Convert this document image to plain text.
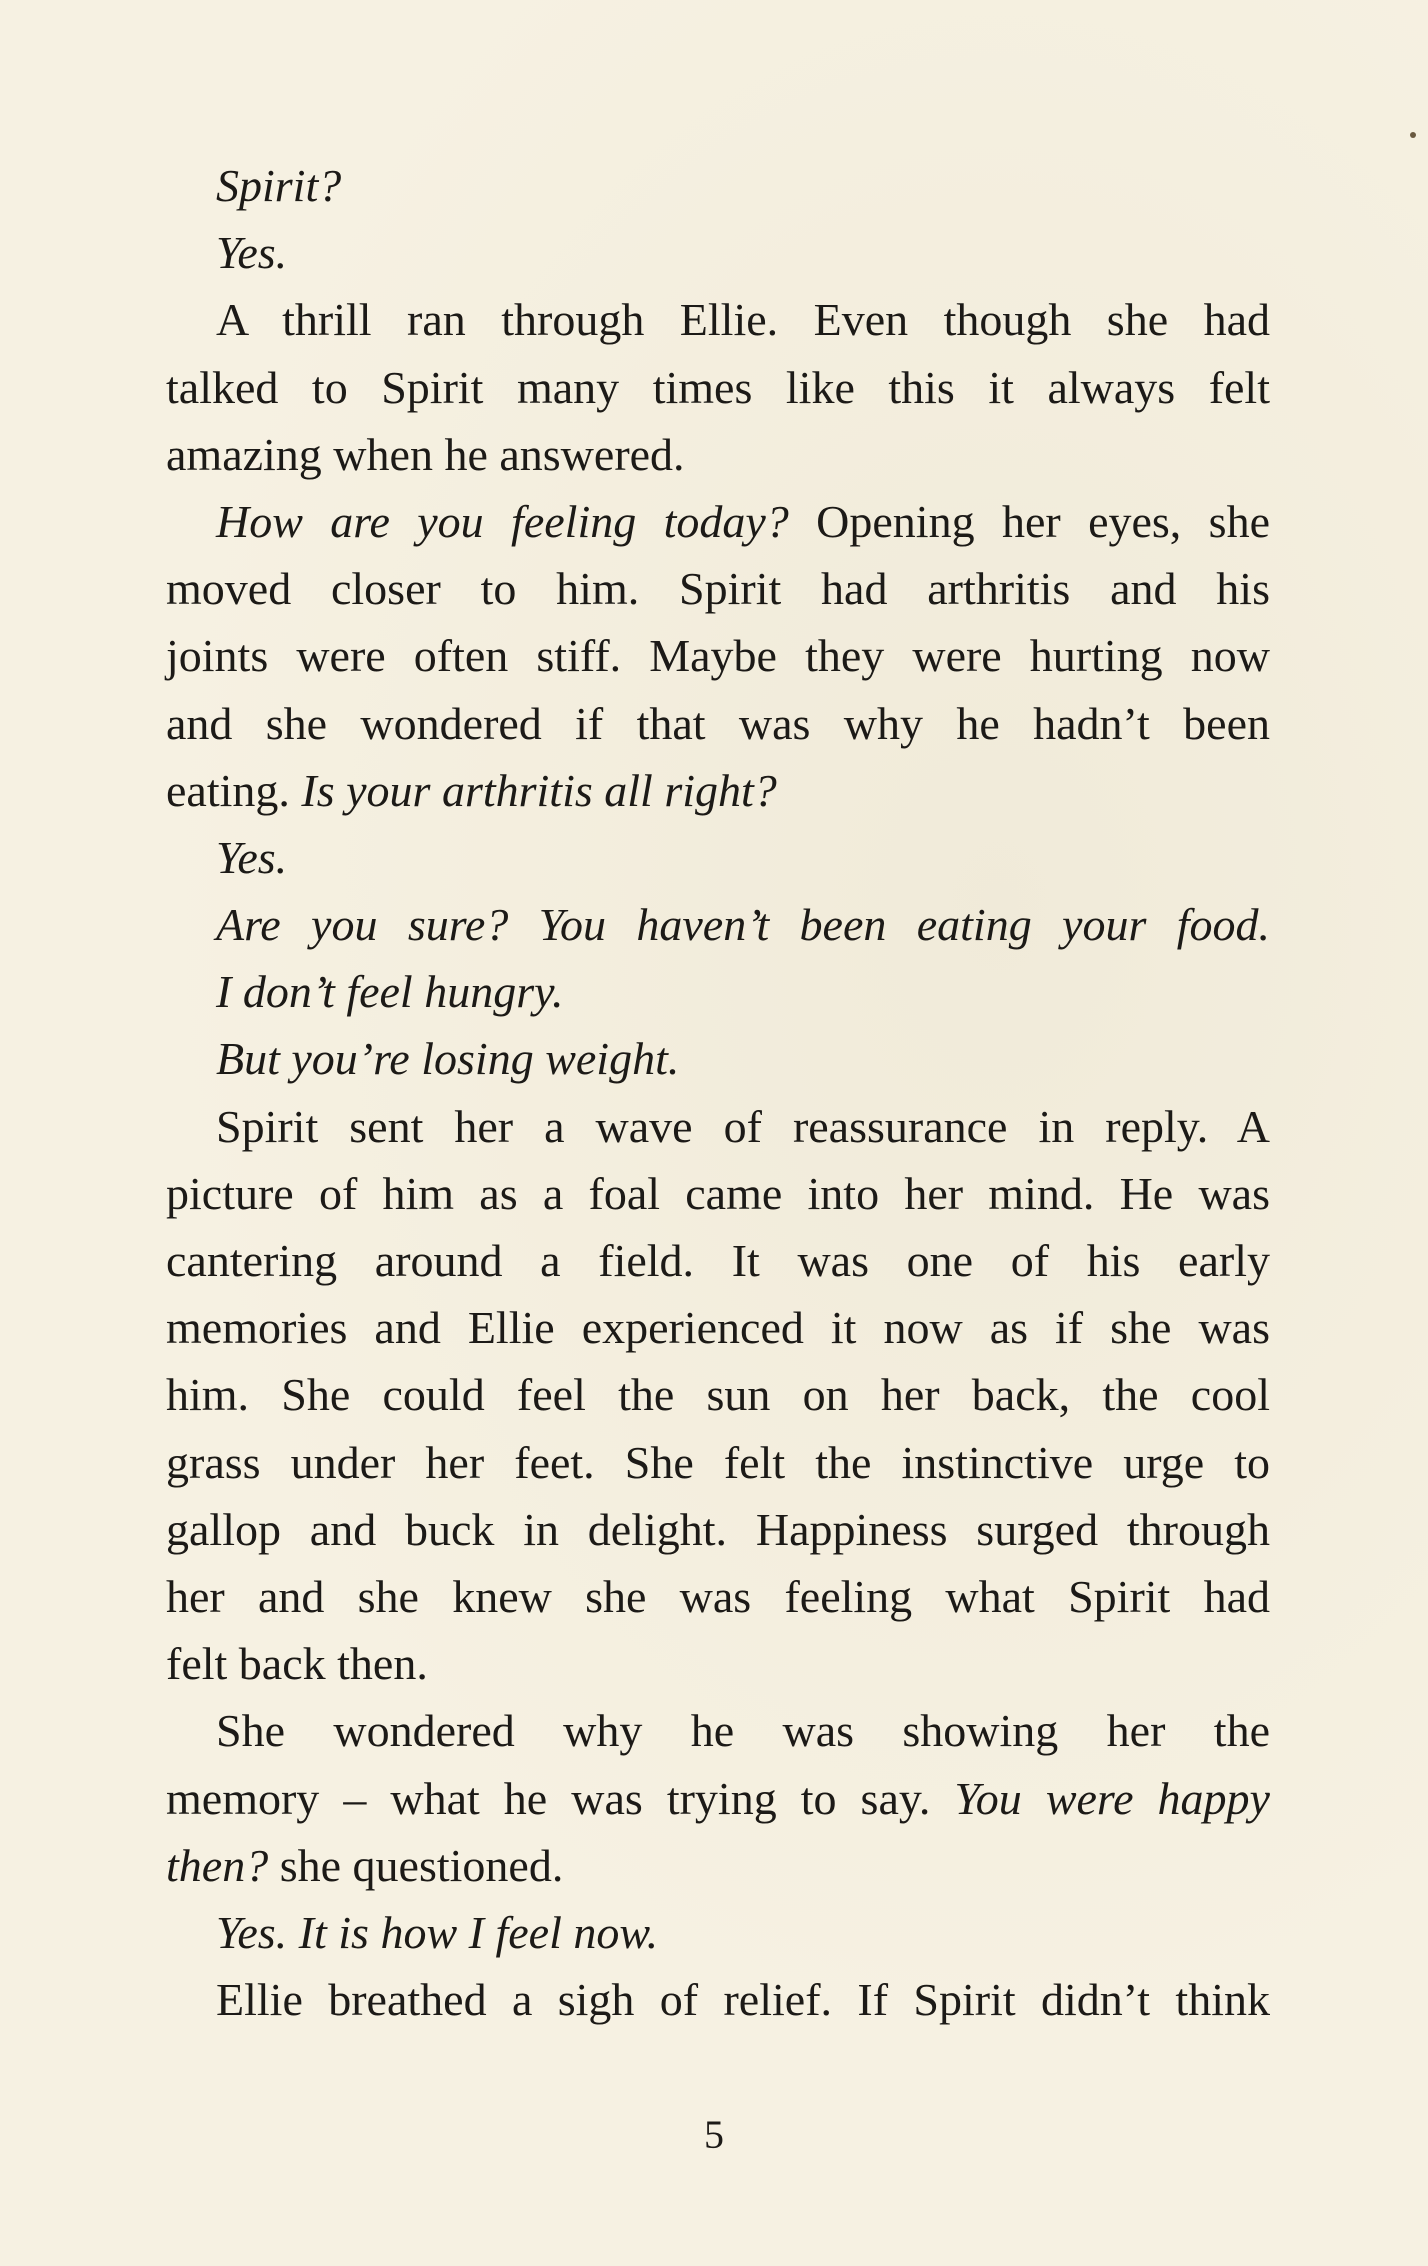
Spirit?
Yes.
A thrill ran through Ellie. Even though she had
talked to Spirit many times like this it always felt
amazing when he answered.
How are you feeling today? Opening her eyes, she
moved closer to him. Spirit had arthritis and his
joints were often stiff. Maybe they were hurting now
and she wondered if that was why he hadn’t been
eating. Is your arthritis all right?
Yes.
Are you sure? You haven’t been eating your food.
I don’t feel hungry.
But you’re losing weight.
Spirit sent her a wave of reassurance in reply. A
picture of him as a foal came into her mind. He was
cantering around a field. It was one of his early
memories and Ellie experienced it now as if she was
him. She could feel the sun on her back, the cool
grass under her feet. She felt the instinctive urge to
gallop and buck in delight. Happiness surged through
her and she knew she was feeling what Spirit had
felt back then.
She wondered why he was showing her the
memory – what he was trying to say. You were happy
then? she questioned.
Yes. It is how I feel now.
Ellie breathed a sigh of relief. If Spirit didn’t think
5
